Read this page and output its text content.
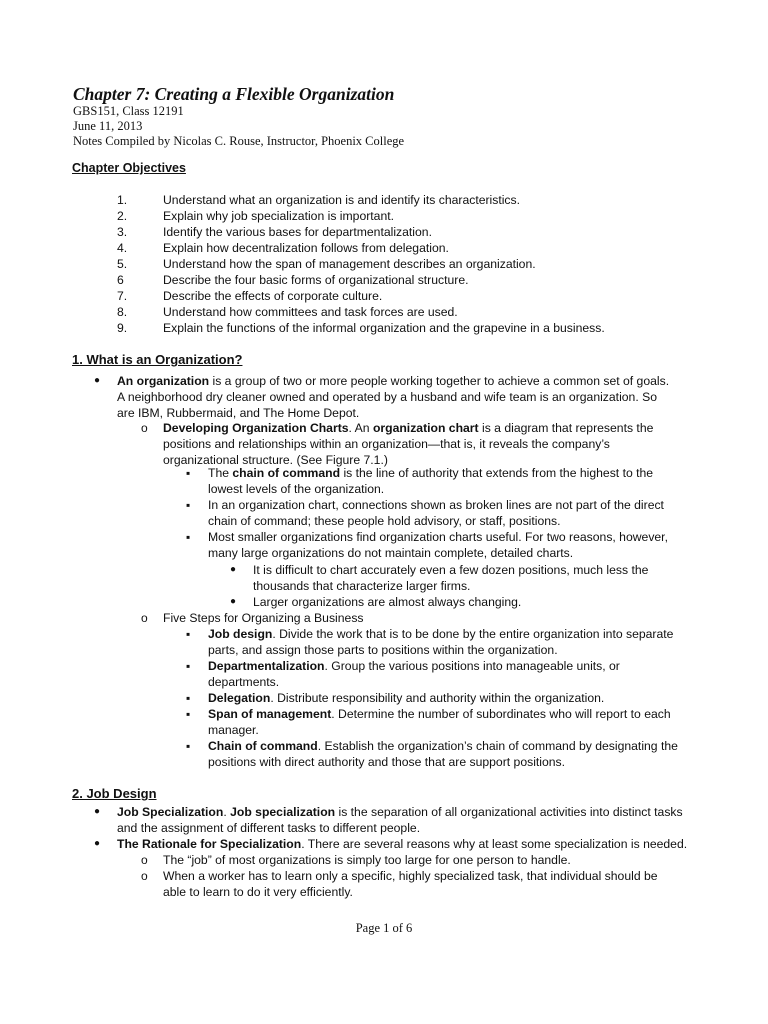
Chapter 7: Creating a Flexible Organization
GBS151, Class 12191
June 11, 2013
Notes Compiled by Nicolas C. Rouse, Instructor, Phoenix College
Chapter Objectives
1.	Understand what an organization is and identify its characteristics.
2.	Explain why job specialization is important.
3.	Identify the various bases for departmentalization.
4.	Explain how decentralization follows from delegation.
5.	Understand how the span of management describes an organization.
6	Describe the four basic forms of organizational structure.
7.	Describe the effects of corporate culture.
8.	Understand how committees and task forces are used.
9.	Explain the functions of the informal organization and the grapevine in a business.
1. What is an Organization?
● An organization is a group of two or more people working together to achieve a common set of goals.
A neighborhood dry cleaner owned and operated by a husband and wife team is an organization. So
are IBM, Rubbermaid, and The Home Depot.
o Developing Organization Charts. An organization chart is a diagram that represents the
positions and relationships within an organization—that is, it reveals the company’s
organizational structure. (See Figure 7.1.)
▪ The chain of command is the line of authority that extends from the highest to the
lowest levels of the organization.
▪ In an organization chart, connections shown as broken lines are not part of the direct
chain of command; these people hold advisory, or staff, positions.
▪ Most smaller organizations find organization charts useful. For two reasons, however,
many large organizations do not maintain complete, detailed charts.
● It is difficult to chart accurately even a few dozen positions, much less the
thousands that characterize larger firms.
● Larger organizations are almost always changing.
o Five Steps for Organizing a Business
▪ Job design. Divide the work that is to be done by the entire organization into separate
parts, and assign those parts to positions within the organization.
▪ Departmentalization. Group the various positions into manageable units, or
departments.
▪ Delegation. Distribute responsibility and authority within the organization.
▪ Span of management. Determine the number of subordinates who will report to each
manager.
▪ Chain of command. Establish the organization’s chain of command by designating the
positions with direct authority and those that are support positions.
2. Job Design
● Job Specialization. Job specialization is the separation of all organizational activities into distinct tasks
and the assignment of different tasks to different people.
● The Rationale for Specialization. There are several reasons why at least some specialization is needed.
o The “job” of most organizations is simply too large for one person to handle.
o When a worker has to learn only a specific, highly specialized task, that individual should be
able to learn to do it very efficiently.
Page 1 of 6
